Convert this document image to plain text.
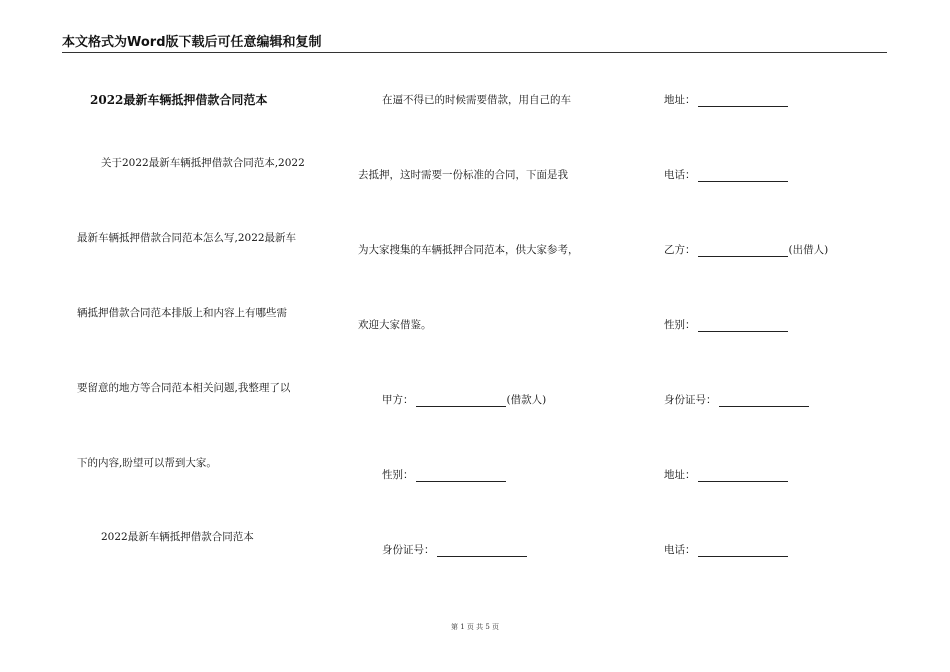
本文格式为Word版下载后可任意编辑和复制
2022最新车辆抵押借款合同范本
关于2022最新车辆抵押借款合同范本,2022
最新车辆抵押借款合同范本怎么写,2022最新车
辆抵押借款合同范本排版上和内容上有哪些需
要留意的地方等合同范本相关问题,我整理了以
下的内容,盼望可以帮到大家。
2022最新车辆抵押借款合同范本
在逼不得已的时候需要借款，用自己的车
去抵押，这时需要一份标准的合同，下面是我
为大家搜集的车辆抵押合同范本，供大家参考，
欢迎大家借鉴。
甲方：	(借款人)
性别：
身份证号：
地址：
电话：
乙方：	(出借人)
性别：
身份证号：
地址：
电话：
第 1 页 共 5 页
